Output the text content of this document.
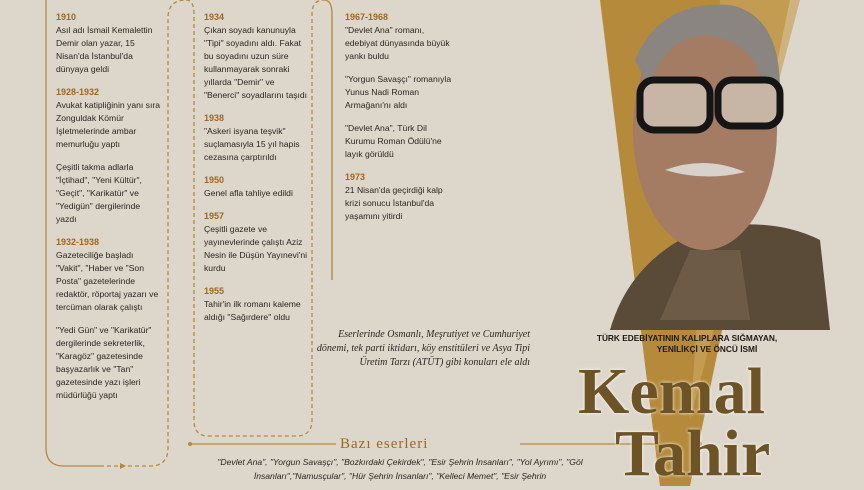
1910
Asıl adı İsmail Kemalettin Demir olan yazar, 15 Nisan'da İstanbul'da dünyaya geldi
1928-1932
Avukat katipliğinin yanı sıra Zonguldak Kömür İşletmelerinde ambar memurluğu yaptı
Çeşitli takma adlarla "İçtihad", "Yeni Kültür", "Geçit", "Karikatür" ve "Yedigün" dergilerinde yazdı
1932-1938
Gazeteciliğe başladı "Vakit", "Haber ve "Son Posta" gazetelerinde redaktör, röportaj yazarı ve tercüman olarak çalıştı
"Yedi Gün" ve "Karikatür" dergilerinde sekreterlik, "Karagöz" gazetesinde başyazarlık ve "Tan" gazetesinde yazı işleri müdürlüğü yaptı
1934
Çıkan soyadı kanunuyla "Tipi" soyadını aldı. Fakat bu soyadını uzun süre kullanmayarak sonraki yıllarda "Demir" ve "Benerci" soyadlarını taşıdı
1938
"Askeri isyana teşvik" suçlamasıyla 15 yıl hapis cezasına çarptırıldı
1950
Genel afla tahliye edildi
1957
Çeşitli gazete ve yayınevlerinde çalıştı Aziz Nesin ile Düşün Yayınevi'ni kurdu
1955
Tahir'in ilk romanı kaleme aldığı "Sağırdere" oldu
1967-1968
"Devlet Ana" romanı, edebiyat dünyasında büyük yankı buldu
"Yorgun Savaşçı" romanıyla Yunus Nadi Roman Armağanı'nı aldı
"Devlet Ana", Türk Dil Kurumu Roman Ödülü'ne layık görüldü
1973
21 Nisan'da geçirdiği kalp krizi sonucu İstanbul'da yaşamını yitirdi
Eserlerinde Osmanlı, Meşrutiyet ve Cumhuriyet dönemi, tek parti iktidarı, köy enstitüleri ve Asya Tipi Üretim Tarzı (ATÜT) gibi konuları ele aldı
Bazı eserleri
"Devlet Ana", "Yorgun Savaşçı", "Bozkırdaki Çekirdek", "Esir Şehrin İnsanları", "Yol Ayrımı", "Göl İnsanları","Namusçular", "Hür Şehrin İnsanları", "Kelleci Memet", "Esir Şehrin
TÜRK EDEBİYATININ KALIPLARA SIĞMAYAN,
YENİLİKÇİ VE ÖNCÜ İSMİ
Kemal
Tahir
